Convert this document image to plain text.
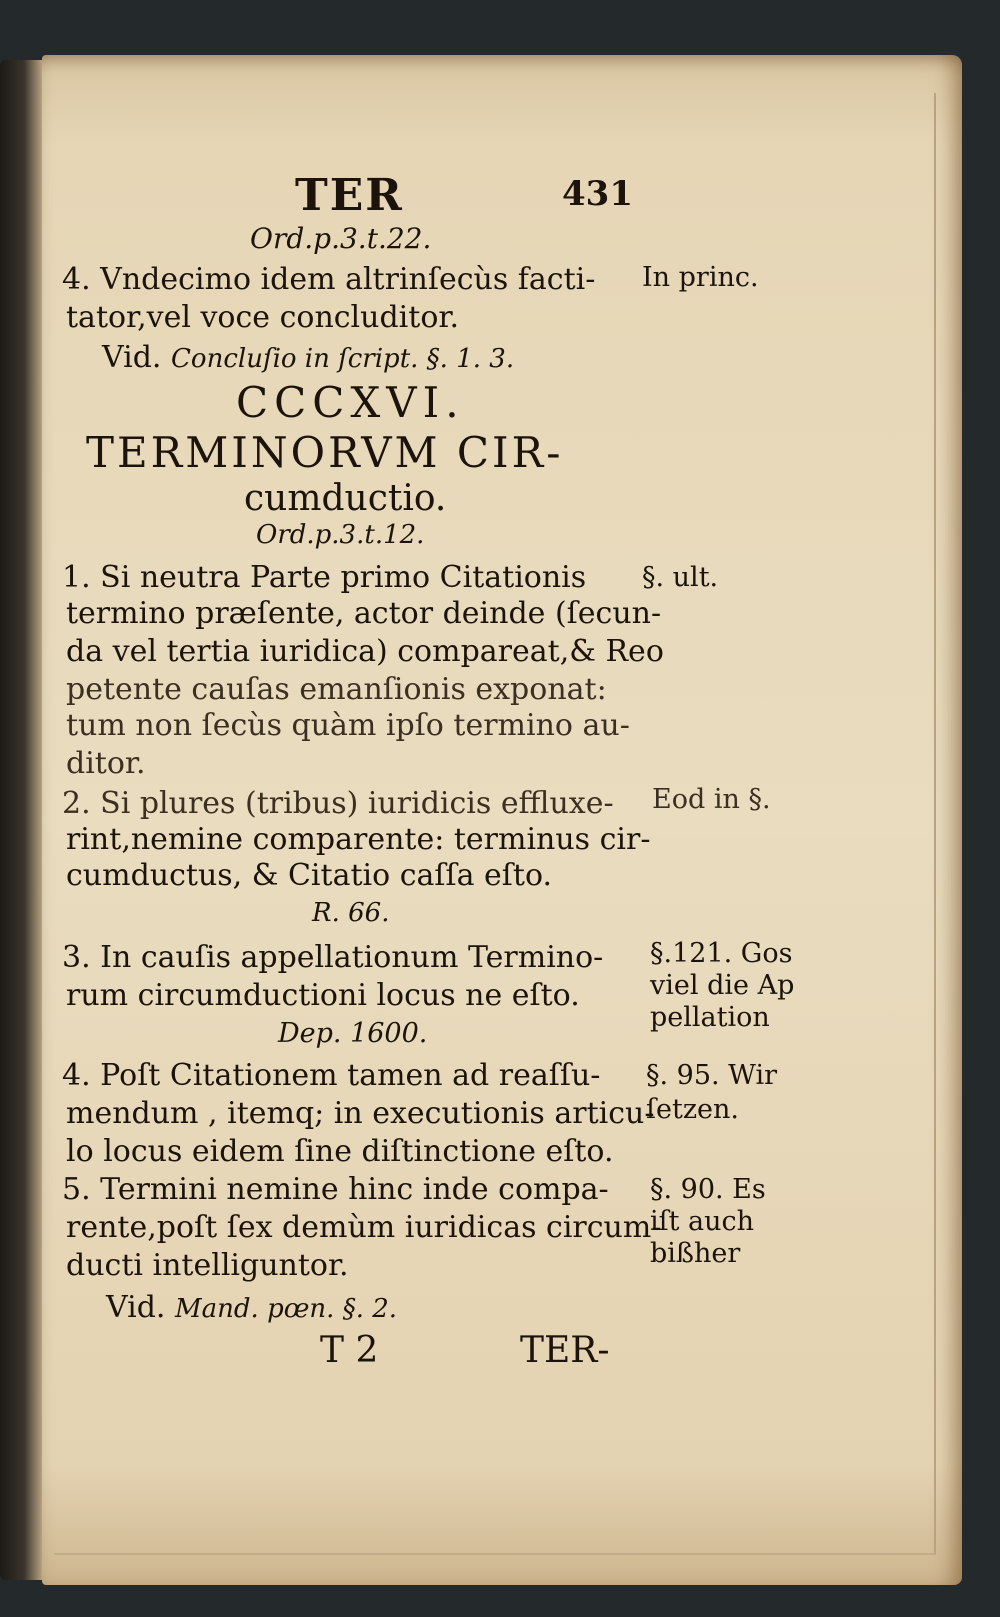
TER	431
Ord.p.3.t.22.
4. Vndecimo idem altrinſecùs facti-
tator,vel voce concluditor.
Vid. Concluſio in ſcript. §. 1. 3.
CCCXVI.
TERMINORVM CIR-
cumductio.
Ord.p.3.t.12.
1. Si neutra Parte primo Citationis
termino præſente, actor deinde (ſecun-
da vel tertia iuridica) compareat,& Reo
petente cauſas emanſionis exponat:
tum non ſecùs quàm ipſo termino au-
ditor.
2. Si plures (tribus) iuridicis effluxe-
rint,nemine comparente: terminus cir-
cumductus, & Citatio caſſa eſto.
R. 66.
3. In cauſis appellationum Termino-
rum circumductioni locus ne eſto.
Dep. 1600.
4. Poſt Citationem tamen ad reaſſu-
mendum , itemq; in executionis articu-
lo locus eidem ſine diſtinctione eſto.
5. Termini nemine hinc inde compa-
rente,poſt ſex demùm iuridicas circum-
ducti intelliguntor.
Vid. Mand. pœn. §. 2.
T 2	TER-
In princ.
§. ult.
Eod in §.
§.121. Gos
viel die Ap
pellation
§. 95. Wir
ſetzen.
§. 90. Es
iſt auch
bißher
